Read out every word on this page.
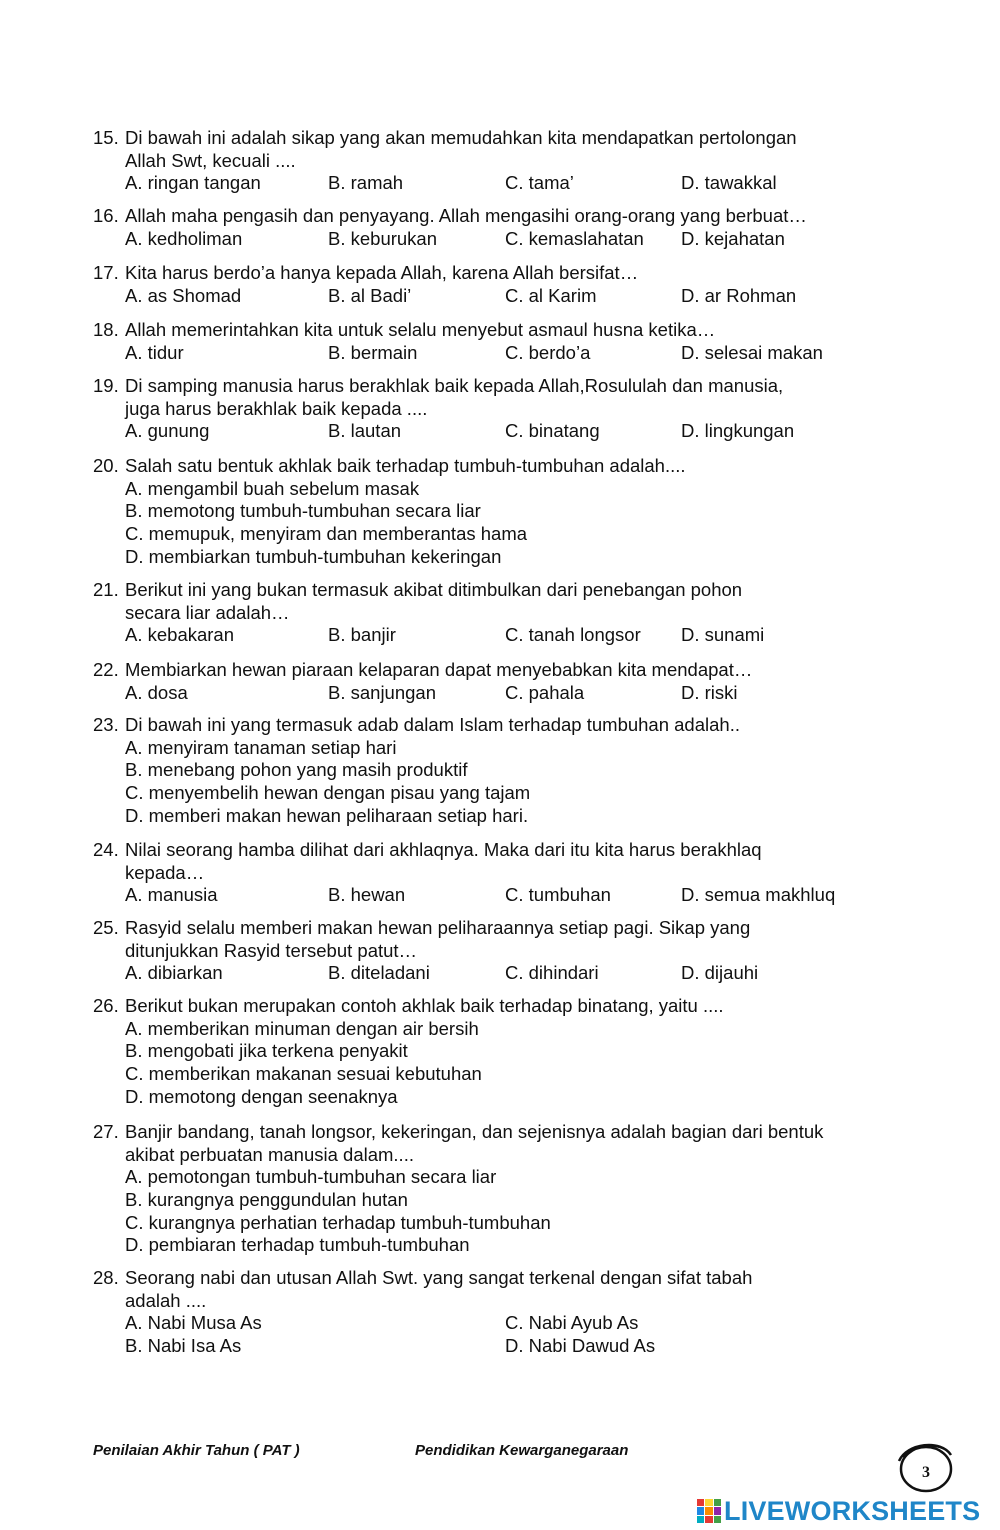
15. Di bawah ini adalah sikap yang akan memudahkan kita mendapatkan pertolongan
Allah Swt, kecuali ....
A. ringan tangan	B. ramah	C. tama’	D. tawakkal
16. Allah maha pengasih dan penyayang. Allah mengasihi orang-orang yang berbuat…
A. kedholiman	B. keburukan	C. kemaslahatan D. kejahatan
17. Kita harus berdo’a hanya kepada Allah, karena Allah bersifat…
A. as Shomad	B. al Badi’	C. al Karim	D. ar Rohman
18. Allah memerintahkan kita untuk selalu menyebut asmaul husna ketika…
A. tidur	B. bermain	C. berdo’a	D. selesai makan
19. Di samping manusia harus berakhlak baik kepada Allah,Rosululah dan manusia,
juga harus berakhlak baik kepada ....
A. gunung	B. lautan	C. binatang	D. lingkungan
20. Salah satu bentuk akhlak baik terhadap tumbuh-tumbuhan adalah....
A. mengambil buah sebelum masak
B. memotong tumbuh-tumbuhan secara liar
C. memupuk, menyiram dan memberantas hama
D. membiarkan tumbuh-tumbuhan kekeringan
21. Berikut ini yang bukan termasuk akibat ditimbulkan dari penebangan pohon
secara liar adalah…
A. kebakaran	B. banjir	C. tanah longsor D. sunami
22. Membiarkan hewan piaraan kelaparan dapat menyebabkan kita mendapat…
A. dosa	B. sanjungan	C. pahala	D. riski
23. Di bawah ini yang termasuk adab dalam Islam terhadap tumbuhan adalah..
A. menyiram tanaman setiap hari
B. menebang pohon yang masih produktif
C. menyembelih hewan dengan pisau yang tajam
D. memberi makan hewan peliharaan setiap hari.
24. Nilai seorang hamba dilihat dari akhlaqnya. Maka dari itu kita harus berakhlaq
kepada…
A. manusia	B. hewan	C. tumbuhan	D. semua makhluq
25. Rasyid selalu memberi makan hewan peliharaannya setiap pagi. Sikap yang
ditunjukkan Rasyid tersebut patut…
A. dibiarkan	B. diteladani	C. dihindari	D. dijauhi
26. Berikut bukan merupakan contoh akhlak baik terhadap binatang, yaitu ....
A. memberikan minuman dengan air bersih
B. mengobati jika terkena penyakit
C. memberikan makanan sesuai kebutuhan
D. memotong dengan seenaknya
27. Banjir bandang, tanah longsor, kekeringan, dan sejenisnya adalah bagian dari bentuk
akibat perbuatan manusia dalam....
A. pemotongan tumbuh-tumbuhan secara liar
B. kurangnya penggundulan hutan
C. kurangnya perhatian terhadap tumbuh-tumbuhan
D. pembiaran terhadap tumbuh-tumbuhan
28. Seorang nabi dan utusan Allah Swt. yang sangat terkenal dengan sifat tabah
adalah ....
A. Nabi Musa As	C. Nabi Ayub As
B. Nabi Isa As	D. Nabi Dawud As
Penilaian Akhir Tahun ( PAT )	Pendidikan Kewarganegaraan
3
LIVEWORKSHEETS
